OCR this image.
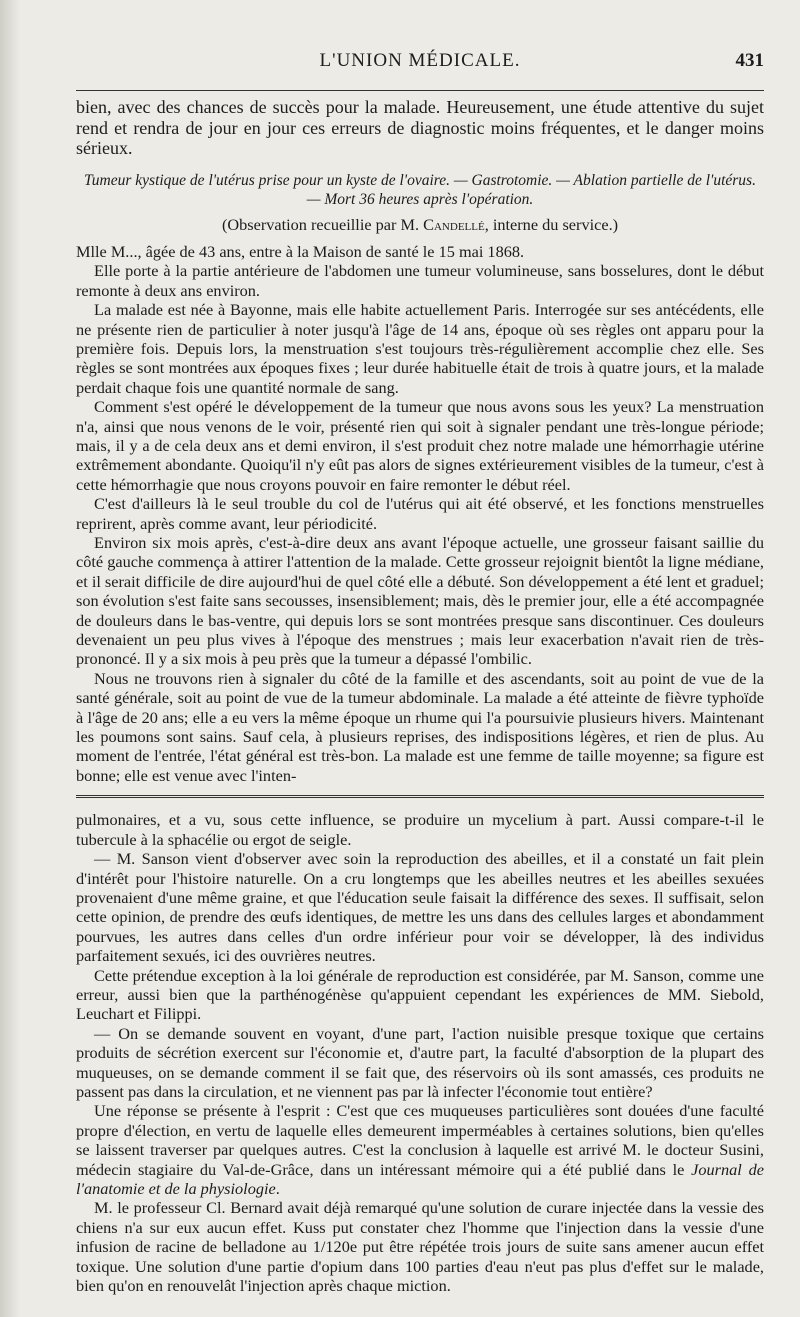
L'UNION MÉDICALE.	431

bien, avec des chances de succès pour la malade. Heureusement, une étude attentive du sujet rend et rendra de jour en jour ces erreurs de diagnostic moins fréquentes, et le danger moins sérieux.

Tumeur kystique de l'utérus prise pour un kyste de l'ovaire. — Gastrotomie. — Ablation partielle de l'utérus. — Mort 36 heures après l'opération.

(Observation recueillie par M. Candellé, interne du service.)

Mlle M..., âgée de 43 ans, entre à la Maison de santé le 15 mai 1868.

Elle porte à la partie antérieure de l'abdomen une tumeur volumineuse, sans bosselures, dont le début remonte à deux ans environ.

La malade est née à Bayonne, mais elle habite actuellement Paris. Interrogée sur ses antécédents, elle ne présente rien de particulier à noter jusqu'à l'âge de 14 ans, époque où ses règles ont apparu pour la première fois. Depuis lors, la menstruation s'est toujours très-régulièrement accomplie chez elle. Ses règles se sont montrées aux époques fixes ; leur durée habituelle était de trois à quatre jours, et la malade perdait chaque fois une quantité normale de sang.

Comment s'est opéré le développement de la tumeur que nous avons sous les yeux? La menstruation n'a, ainsi que nous venons de le voir, présenté rien qui soit à signaler pendant une très-longue période; mais, il y a de cela deux ans et demi environ, il s'est produit chez notre malade une hémorrhagie utérine extrêmement abondante. Quoiqu'il n'y eût pas alors de signes extérieurement visibles de la tumeur, c'est à cette hémorrhagie que nous croyons pouvoir en faire remonter le début réel.

C'est d'ailleurs là le seul trouble du col de l'utérus qui ait été observé, et les fonctions menstruelles reprirent, après comme avant, leur périodicité.

Environ six mois après, c'est-à-dire deux ans avant l'époque actuelle, une grosseur faisant saillie du côté gauche commença à attirer l'attention de la malade. Cette grosseur rejoignit bientôt la ligne médiane, et il serait difficile de dire aujourd'hui de quel côté elle a débuté. Son développement a été lent et graduel; son évolution s'est faite sans secousses, insensiblement; mais, dès le premier jour, elle a été accompagnée de douleurs dans le bas-ventre, qui depuis lors se sont montrées presque sans discontinuer. Ces douleurs devenaient un peu plus vives à l'époque des menstrues ; mais leur exacerbation n'avait rien de très-prononcé. Il y a six mois à peu près que la tumeur a dépassé l'ombilic.

Nous ne trouvons rien à signaler du côté de la famille et des ascendants, soit au point de vue de la santé générale, soit au point de vue de la tumeur abdominale. La malade a été atteinte de fièvre typhoïde à l'âge de 20 ans; elle a eu vers la même époque un rhume qui l'a poursuivie plusieurs hivers. Maintenant les poumons sont sains. Sauf cela, à plusieurs reprises, des indispositions légères, et rien de plus. Au moment de l'entrée, l'état général est très-bon. La malade est une femme de taille moyenne; sa figure est bonne; elle est venue avec l'inten-

pulmonaires, et a vu, sous cette influence, se produire un mycelium à part. Aussi compare-t-il le tubercule à la sphacélie ou ergot de seigle.

— M. Sanson vient d'observer avec soin la reproduction des abeilles, et il a constaté un fait plein d'intérêt pour l'histoire naturelle. On a cru longtemps que les abeilles neutres et les abeilles sexuées provenaient d'une même graine, et que l'éducation seule faisait la différence des sexes. Il suffisait, selon cette opinion, de prendre des œufs identiques, de mettre les uns dans des cellules larges et abondamment pourvues, les autres dans celles d'un ordre inférieur pour voir se développer, là des individus parfaitement sexués, ici des ouvrières neutres.

Cette prétendue exception à la loi générale de reproduction est considérée, par M. Sanson, comme une erreur, aussi bien que la parthénogénèse qu'appuient cependant les expériences de MM. Siebold, Leuchart et Filippi.

— On se demande souvent en voyant, d'une part, l'action nuisible presque toxique que certains produits de sécrétion exercent sur l'économie et, d'autre part, la faculté d'absorption de la plupart des muqueuses, on se demande comment il se fait que, des réservoirs où ils sont amassés, ces produits ne passent pas dans la circulation, et ne viennent pas par là infecter l'économie tout entière?

Une réponse se présente à l'esprit : C'est que ces muqueuses particulières sont douées d'une faculté propre d'élection, en vertu de laquelle elles demeurent imperméables à certaines solutions, bien qu'elles se laissent traverser par quelques autres. C'est la conclusion à laquelle est arrivé M. le docteur Susini, médecin stagiaire du Val-de-Grâce, dans un intéressant mémoire qui a été publié dans le Journal de l'anatomie et de la physiologie.

M. le professeur Cl. Bernard avait déjà remarqué qu'une solution de curare injectée dans la vessie des chiens n'a sur eux aucun effet. Kuss put constater chez l'homme que l'injection dans la vessie d'une infusion de racine de belladone au 1/120e put être répétée trois jours de suite sans amener aucun effet toxique. Une solution d'une partie d'opium dans 100 parties d'eau n'eut pas plus d'effet sur le malade, bien qu'on en renouvelât l'injection après chaque miction.
